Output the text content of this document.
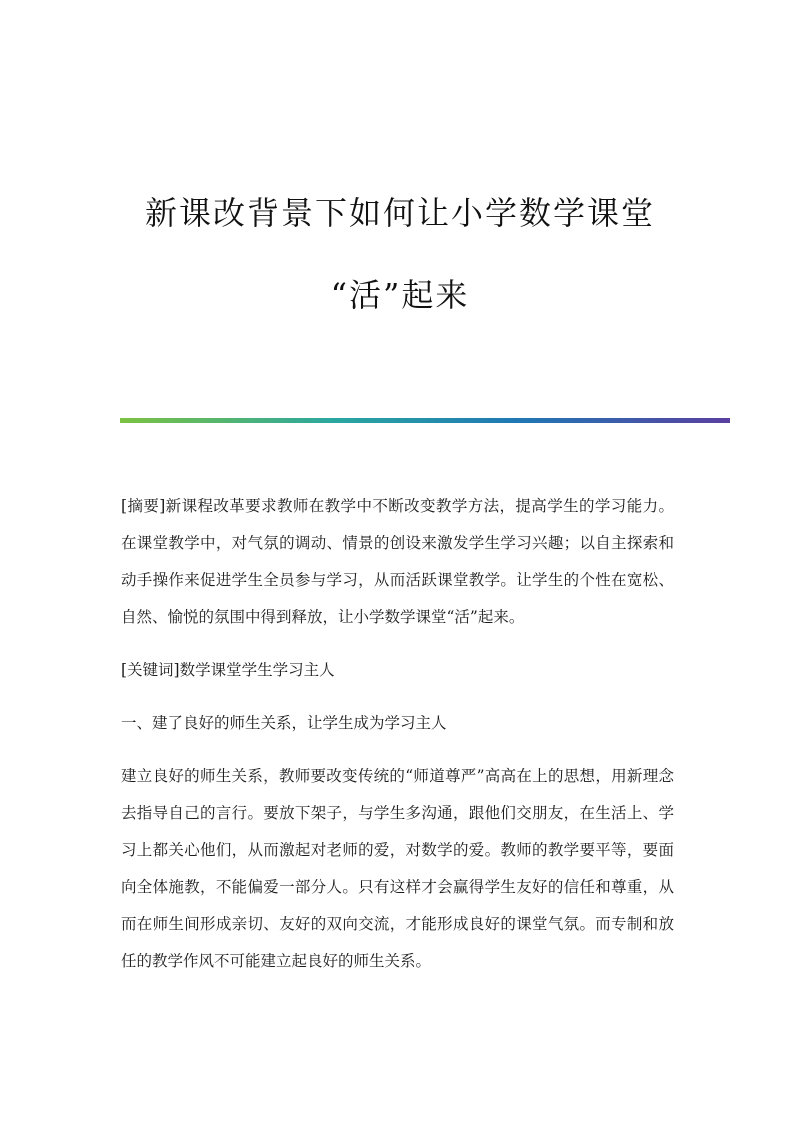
新课改背景下如何让小学数学课堂
“活”起来

[摘要]新课程改革要求教师在教学中不断改变教学方法，提高学生的学习能力。在课堂教学中，对气氛的调动、情景的创设来激发学生学习兴趣；以自主探索和动手操作来促进学生全员参与学习，从而活跃课堂教学。让学生的个性在宽松、自然、愉悦的氛围中得到释放，让小学数学课堂“活”起来。

[关键词]数学课堂学生学习主人

一、建了良好的师生关系，让学生成为学习主人

建立良好的师生关系，教师要改变传统的“师道尊严”高高在上的思想，用新理念去指导自己的言行。要放下架子，与学生多沟通，跟他们交朋友，在生活上、学习上都关心他们，从而激起对老师的爱，对数学的爱。教师的教学要平等，要面向全体施教，不能偏爱一部分人。只有这样才会赢得学生友好的信任和尊重，从而在师生间形成亲切、友好的双向交流，才能形成良好的课堂气氛。而专制和放任的教学作风不可能建立起良好的师生关系。
